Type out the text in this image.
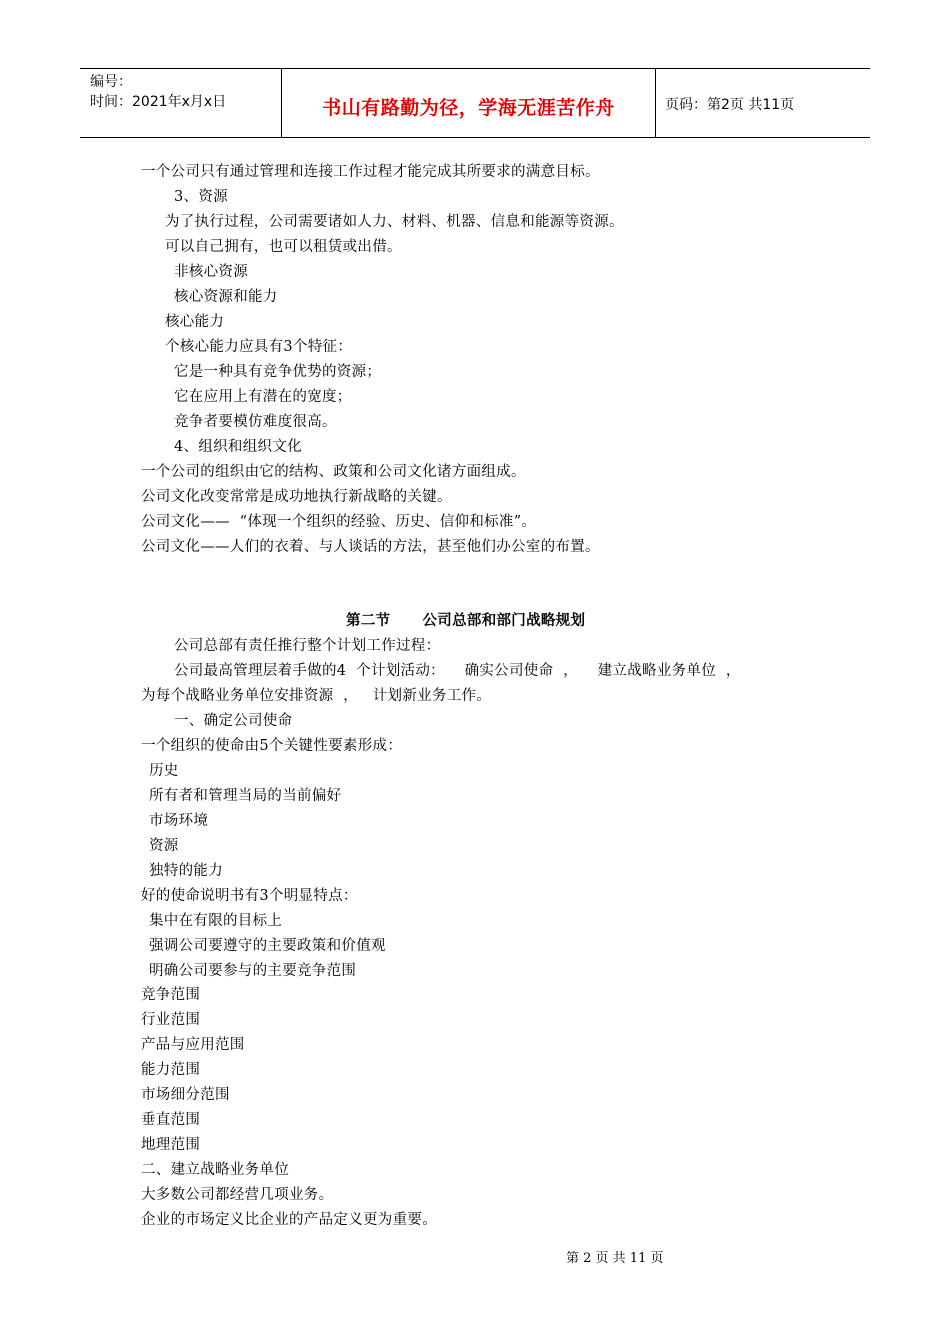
编号：
时间：2021年x月x日	书山有路勤为径，学海无涯苦作舟	页码：第2页 共11页
一个公司只有通过管理和连接工作过程才能完成其所要求的满意目标。
3、资源
为了执行过程，公司需要诸如人力、材料、机器、信息和能源等资源。
可以自己拥有，也可以租赁或出借。
非核心资源
核心资源和能力
核心能力
个核心能力应具有3个特征：
它是一种具有竞争优势的资源；
它在应用上有潜在的宽度；
竞争者要模仿难度很高。
4、组织和组织文化
一个公司的组织由它的结构、政策和公司文化诸方面组成。
公司文化改变常常是成功地执行新战略的关键。
公司文化——  “体现一个组织的经验、历史、信仰和标准”。
公司文化——人们的衣着、与人谈话的方法，甚至他们办公室的布置。
第二节      公司总部和部门战略规划
公司总部有责任推行整个计划工作过程：
公司最高管理层着手做的4  个计划活动：    确实公司使命  ，    建立战略业务单位  ，
为每个战略业务单位安排资源  ，   计划新业务工作。
一、确定公司使命
一个组织的使命由5个关键性要素形成：
历史
所有者和管理当局的当前偏好
市场环境
资源
独特的能力
好的使命说明书有3个明显特点：
集中在有限的目标上
强调公司要遵守的主要政策和价值观
明确公司要参与的主要竞争范围
竞争范围
行业范围
产品与应用范围
能力范围
市场细分范围
垂直范围
地理范围
二、建立战略业务单位
大多数公司都经营几项业务。
企业的市场定义比企业的产品定义更为重要。
第 2 页 共 11 页
